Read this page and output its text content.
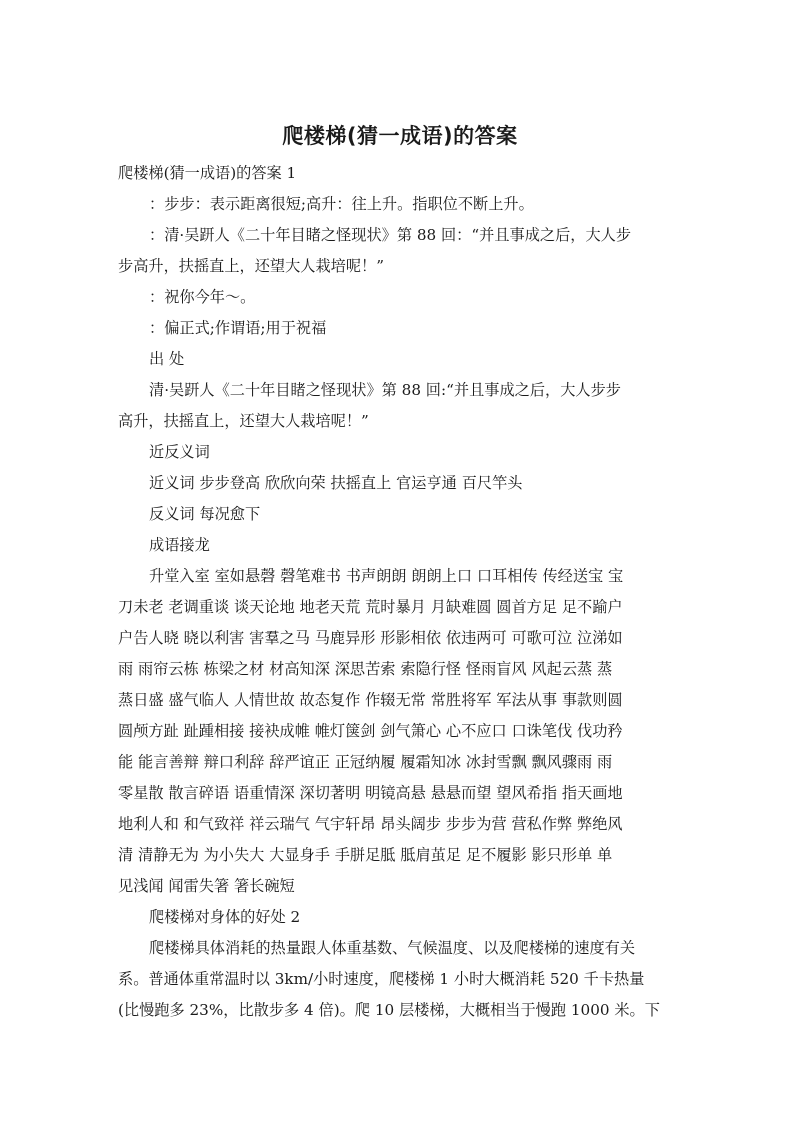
爬楼梯(猜一成语)的答案

爬楼梯(猜一成语)的答案 1

：步步：表示距离很短;高升：往上升。指职位不断上升。

：清·吴趼人《二十年目睹之怪现状》第 88 回：“并且事成之后，大人步

步高升，扶摇直上，还望大人栽培呢！”

：祝你今年～。

：偏正式;作谓语;用于祝福

出 处

清·吴趼人《二十年目睹之怪现状》第 88 回:“并且事成之后，大人步步

高升，扶摇直上，还望大人栽培呢！”

近反义词

近义词 步步登高 欣欣向荣 扶摇直上 官运亨通 百尺竿头

反义词 每况愈下

成语接龙

升堂入室 室如悬磬 磬笔难书 书声朗朗 朗朗上口 口耳相传 传经送宝 宝

刀未老 老调重谈 谈天论地 地老天荒 荒时暴月 月缺难圆 圆首方足 足不踰户

户告人晓 晓以利害 害羣之马 马鹿异形 形影相依 依违两可 可歌可泣 泣涕如

雨 雨帘云栋 栋梁之材 材高知深 深思苦索 索隐行怪 怪雨盲风 风起云蒸 蒸

蒸日盛 盛气临人 人情世故 故态复作 作辍无常 常胜将军 军法从事 事款则圆

圆颅方趾 趾踵相接 接袂成帷 帷灯箧剑 剑气箫心 心不应口 口诛笔伐 伐功矜

能 能言善辩 辩口利辞 辞严谊正 正冠纳履 履霜知冰 冰封雪飘 飘风骤雨 雨

零星散 散言碎语 语重情深 深切著明 明镜高悬 悬悬而望 望风希指 指天画地

地利人和 和气致祥 祥云瑞气 气宇轩昂 昂头阔步 步步为营 营私作弊 弊绝风

清 清静无为 为小失大 大显身手 手胼足胝 胝肩茧足 足不履影 影只形单 单

见浅闻 闻雷失箸 箸长碗短

爬楼梯对身体的好处 2

爬楼梯具体消耗的热量跟人体重基数、气候温度、以及爬楼梯的速度有关

系。普通体重常温时以 3km/小时速度，爬楼梯 1 小时大概消耗 520 千卡热量

(比慢跑多 23%，比散步多 4 倍)。爬 10 层楼梯，大概相当于慢跑 1000 米。下
